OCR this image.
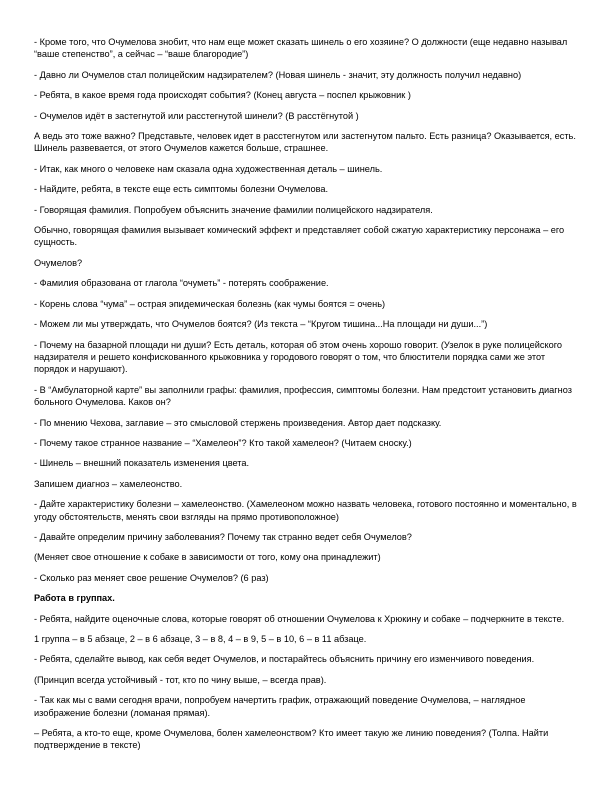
- Кроме того, что Очумелова знобит, что нам еще может сказать шинель о его хозяине? О должности (еще недавно называл “ваше степенство”, а сейчас – “ваше благородие”)

- Давно ли Очумелов стал полицейским надзирателем? (Новая шинель - значит, эту должность получил недавно)

- Ребята, в какое время года происходят события? (Конец августа – поспел крыжовник )

- Очумелов идёт в застегнутой или расстегнутой шинели? (В расстёгнутой )

А ведь это тоже важно? Представьте, человек идет в расстегнутом или застегнутом пальто. Есть разница? Оказывается, есть. Шинель развевается, от этого Очумелов кажется больше, страшнее.

- Итак, как много о человеке нам сказала одна художественная деталь – шинель.

- Найдите, ребята, в тексте еще есть симптомы болезни Очумелова.

- Говорящая фамилия. Попробуем объяснить значение фамилии полицейского надзирателя.

Обычно, говорящая фамилия вызывает комический эффект и представляет собой сжатую характеристику персонажа – его сущность.

Очумелов?

- Фамилия образована от глагола “очуметь” - потерять соображение.

- Корень слова “чума” – острая эпидемическая болезнь (как чумы боятся = очень)

- Можем ли мы утверждать, что Очумелов боятся? (Из текста – “Кругом тишина...На площади ни души...”)

- Почему на базарной площади ни души? Есть деталь, которая об этом очень хорошо говорит. (Узелок в руке полицейского надзирателя и решето конфискованного крыжовника у городового говорят о том, что блюстители порядка сами же этот порядок и нарушают).

- В “Амбулаторной карте” вы заполнили графы: фамилия, профессия, симптомы болезни. Нам предстоит установить диагноз больного Очумелова. Каков он?

- По мнению Чехова, заглавие – это смысловой стержень произведения. Автор дает подсказку.

- Почему такое странное название – “Хамелеон”? Кто такой хамелеон? (Читаем сноску.)

- Шинель – внешний показатель изменения цвета.

Запишем диагноз – хамелеонство.

- Дайте характеристику болезни – хамелеонство. (Хамелеоном можно назвать человека, готового постоянно и моментально, в угоду обстоятельств, менять свои взгляды на прямо противоположное)

- Давайте определим причину заболевания? Почему так странно ведет себя Очумелов?

(Меняет свое отношение к собаке в зависимости от того, кому она принадлежит)

- Сколько раз меняет свое решение Очумелов? (6 раз)

Работа в группах.

- Ребята, найдите оценочные слова, которые говорят об отношении Очумелова к Хрюкину и собаке – подчеркните в тексте.

1 группа – в 5 абзаце, 2 – в 6 абзаце, 3 – в 8, 4 – в 9, 5 – в 10, 6 – в 11 абзаце.

- Ребята, сделайте вывод, как себя ведет Очумелов, и постарайтесь объяснить причину его изменчивого поведения.

(Принцип всегда устойчивый - тот, кто по чину выше, – всегда прав).

- Так как мы с вами сегодня врачи, попробуем начертить график, отражающий поведение Очумелова, – наглядное изображение болезни (ломаная прямая).

– Ребята, а кто-то еще, кроме Очумелова, болен хамелеонством? Кто имеет такую же линию поведения? (Толпа. Найти подтверждение в тексте)
